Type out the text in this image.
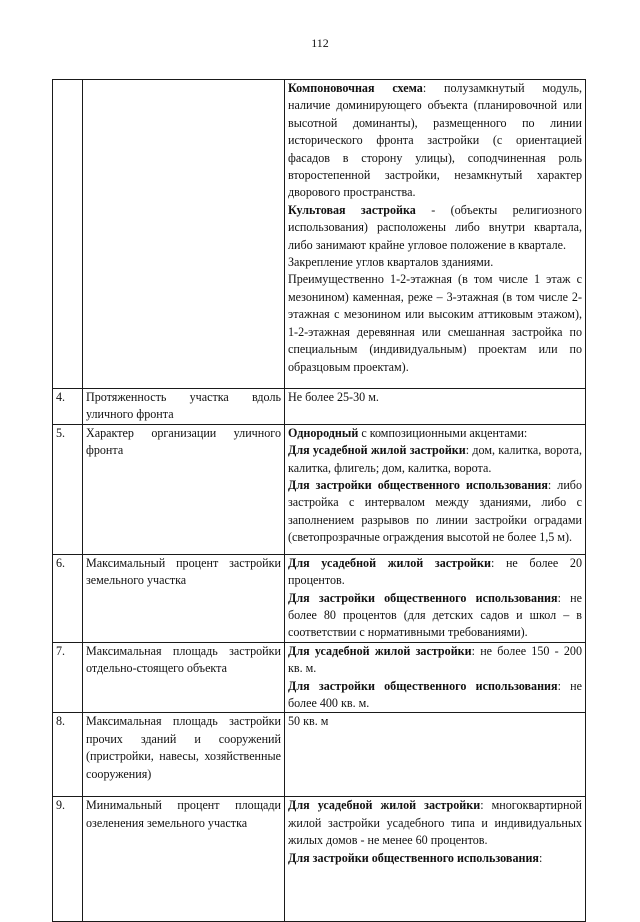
112

		Компоновочная схема: полузамкнутый модуль, наличие доминирующего объекта (планировочной или высотной доминанты), размещенного по линии исторического фронта застройки (с ориентацией фасадов в сторону улицы), соподчиненная роль второстепенной застройки, незамкнутый характер дворового пространства.

Культовая застройка - (объекты религиозного использования) расположены либо внутри квартала, либо занимают крайне угловое положение в квартале.

Закрепление углов кварталов зданиями.

Преимущественно 1-2-этажная (в том числе 1 этаж с мезонином) каменная, реже – 3-этажная (в том числе 2-этажная с мезонином или высоким аттиковым этажом), 1-2-этажная деревянная или смешанная застройка по специальным (индивидуальным) проектам или по образцовым проектам).

4.	Протяженность участка вдоль уличного фронта	Не более 25-30 м.

5.	Характер организации уличного фронта	Однородный с композиционными акцентами:

Для усадебной жилой застройки: дом, калитка, ворота, калитка, флигель; дом, калитка, ворота.

Для застройки общественного использования: либо застройка с интервалом между зданиями, либо с заполнением разрывов по линии застройки оградами (светопрозрачные ограждения высотой не более 1,5 м).

6.	Максимальный процент застройки земельного участка	Для усадебной жилой застройки: не более 20 процентов.

Для застройки общественного использования: не более 80 процентов (для детских садов и школ – в соответствии с нормативными требованиями).

7.	Максимальная площадь застройки отдельно-стоящего объекта	Для усадебной жилой застройки: не более 150 - 200 кв. м.

Для застройки общественного использования: не более 400 кв. м.

8.	Максимальная площадь застройки прочих зданий и сооружений (пристройки, навесы, хозяйственные сооружения)	50 кв. м

9.	Минимальный процент площади озеленения земельного участка	Для усадебной жилой застройки: многоквартирной жилой застройки усадебного типа и индивидуальных жилых домов - не менее 60 процентов.

Для застройки общественного использования:
